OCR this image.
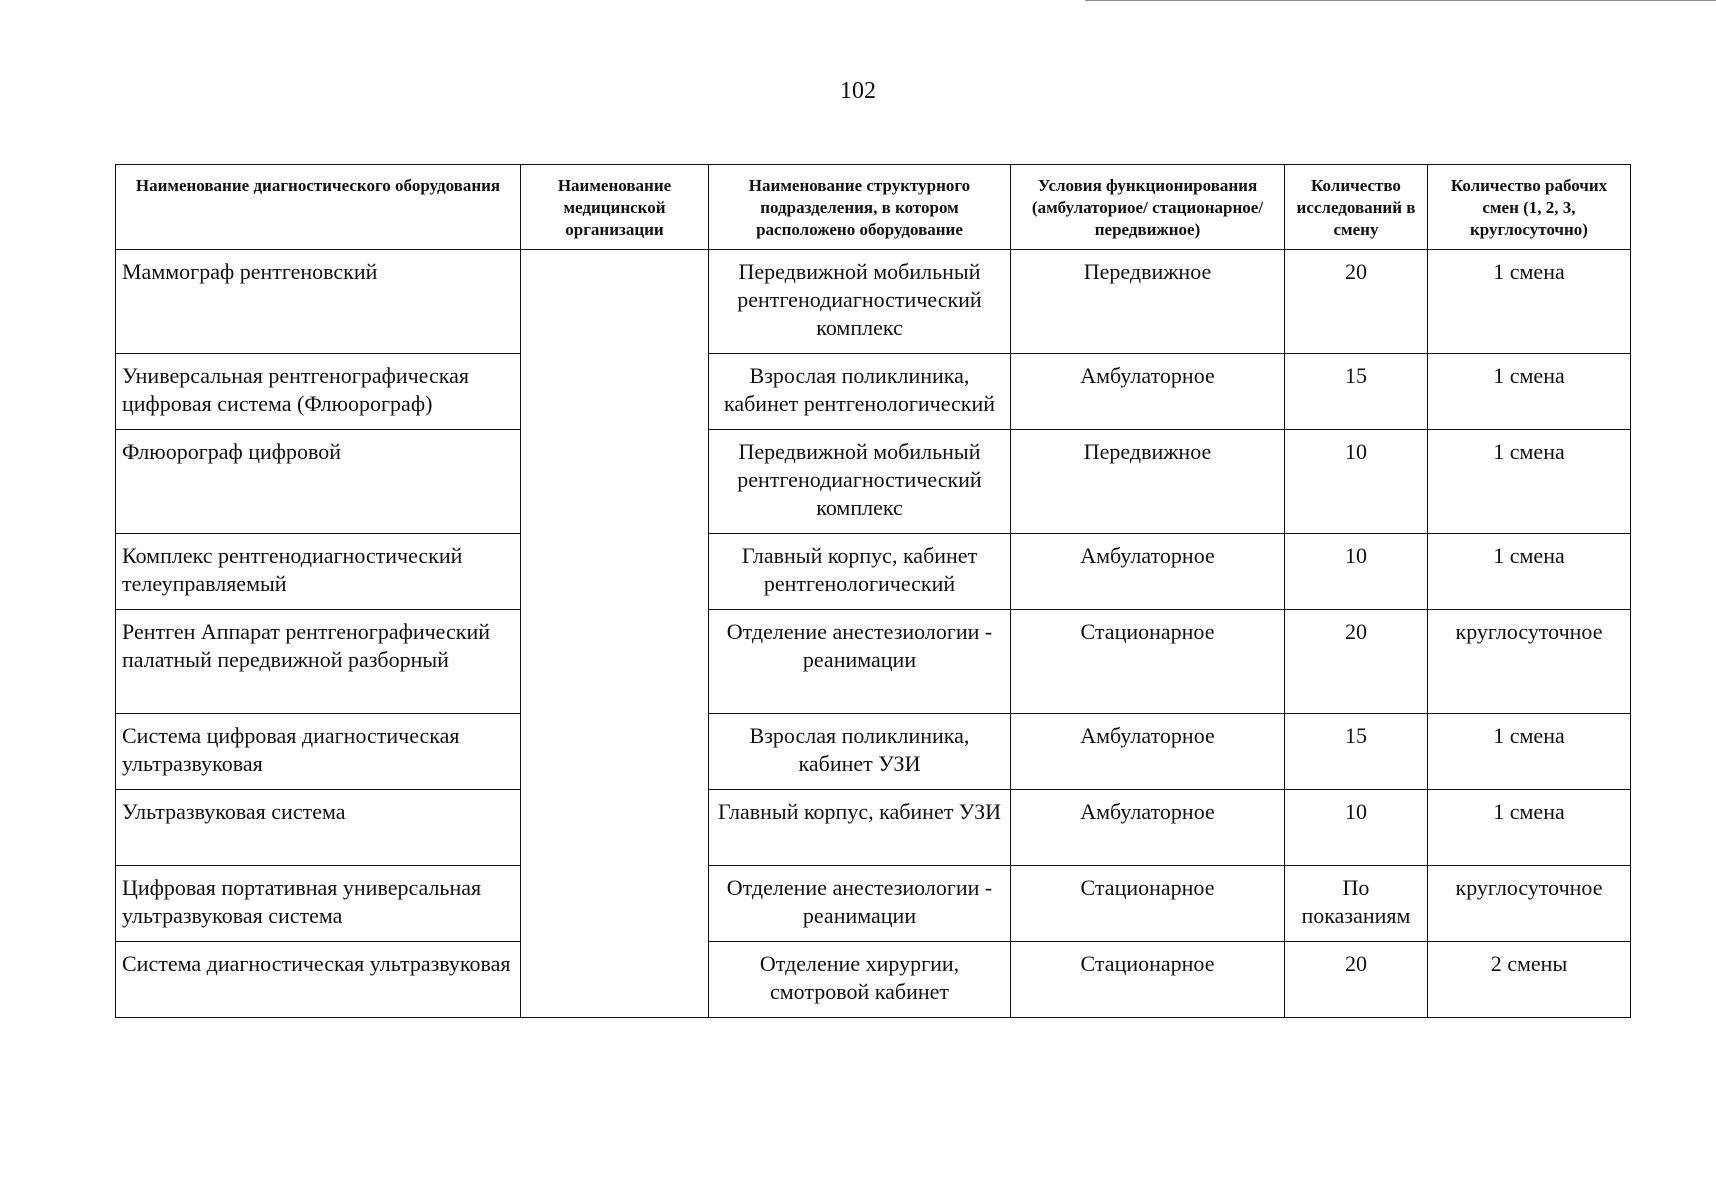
102
Наименование диагностического оборудования	Наименование медицинской организации	Наименование структурного подразделения, в котором расположено оборудование	Условия функционирования (амбулаториое/ стационарное/передвижное)	Количество исследований в смену	Количество рабочих смен (1, 2, 3, круглосуточно)
Маммограф рентгеновский		Передвижной мобильный рентгенодиагностический комплекс	Передвижное	20	1 смена
Универсальная рентгенографическая цифровая система (Флюорограф)		Взрослая поликлиника, кабинет рентгенологический	Амбулаторное	15	1 смена
Флюорограф цифровой		Передвижной мобильный рентгенодиагностический комплекс	Передвижное	10	1 смена
Комплекс рентгенодиагностический телеуправляемый		Главный корпус, кабинет рентгенологический	Амбулаторное	10	1 смена
Рентген Аппарат рентгенографический палатный передвижной разборный		Отделение анестезиологии - реанимации	Стационарное	20	круглосуточное
Система цифровая диагностическая ультразвуковая		Взрослая поликлиника, кабинет УЗИ	Амбулаторное	15	1 смена
Ультразвуковая система		Главный корпус, кабинет УЗИ	Амбулаторное	10	1 смена
Цифровая портативная универсальная ультразвуковая система		Отделение анестезиологии - реанимации	Стационарное	По показаниям	круглосуточное
Система диагностическая ультразвуковая		Отделение хирургии, смотровой кабинет	Стационарное	20	2 смены
